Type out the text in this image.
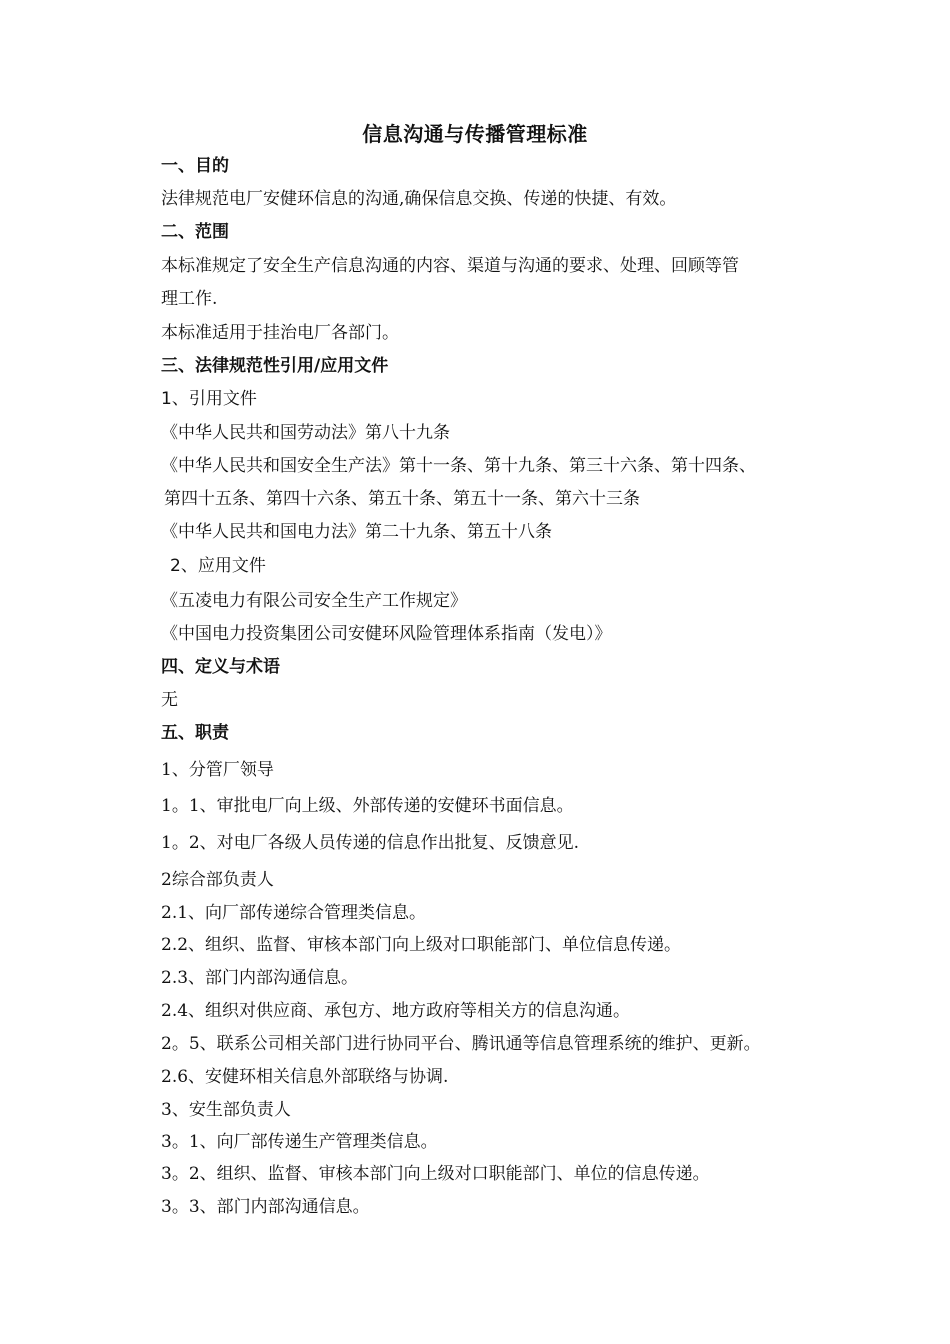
信息沟通与传播管理标准
一、目的
法律规范电厂安健环信息的沟通,确保信息交换、传递的快捷、有效。
二、范围
本标准规定了安全生产信息沟通的内容、渠道与沟通的要求、处理、回顾等管
理工作.
本标准适用于挂治电厂各部门。
三、法律规范性引用/应用文件
1、引用文件
《中华人民共和国劳动法》第八十九条
《中华人民共和国安全生产法》第十一条、第十九条、第三十六条、第十四条、
第四十五条、第四十六条、第五十条、第五十一条、第六十三条
《中华人民共和国电力法》第二十九条、第五十八条
2、应用文件
《五凌电力有限公司安全生产工作规定》
《中国电力投资集团公司安健环风险管理体系指南（发电）》
四、定义与术语
无
五、职责
1、分管厂领导
1。1、审批电厂向上级、外部传递的安健环书面信息。
1。2、对电厂各级人员传递的信息作出批复、反馈意见.
2综合部负责人
2.1、向厂部传递综合管理类信息。
2.2、组织、监督、审核本部门向上级对口职能部门、单位信息传递。
2.3、部门内部沟通信息。
2.4、组织对供应商、承包方、地方政府等相关方的信息沟通。
2。5、联系公司相关部门进行协同平台、腾讯通等信息管理系统的维护、更新。
2.6、安健环相关信息外部联络与协调.
3、安生部负责人
3。1、向厂部传递生产管理类信息。
3。2、组织、监督、审核本部门向上级对口职能部门、单位的信息传递。
3。3、部门内部沟通信息。
